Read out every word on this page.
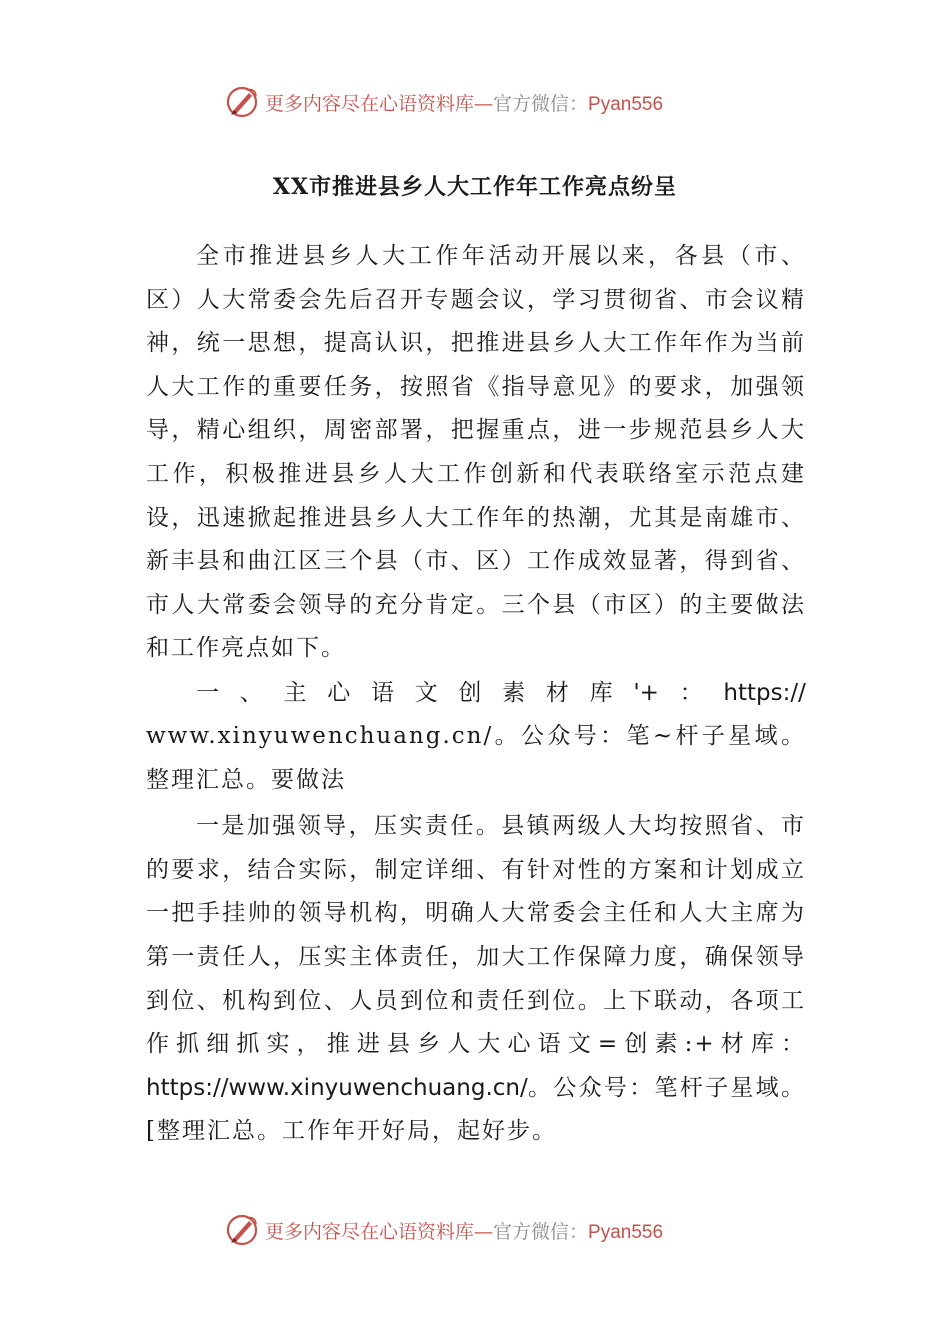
更多内容尽在心语资料库—官方微信：Pyan556
XX市推进县乡人大工作年工作亮点纷呈

全市推进县乡人大工作年活动开展以来，各县（市、区）人大常委会先后召开专题会议，学习贯彻省、市会议精神，统一思想，提高认识，把推进县乡人大工作年作为当前人大工作的重要任务，按照省《指导意见》的要求，加强领导，精心组织，周密部署，把握重点，进一步规范县乡人大工作，积极推进县乡人大工作创新和代表联络室示范点建设，迅速掀起推进县乡人大工作年的热潮，尤其是南雄市、新丰县和曲江区三个县（市、区）工作成效显著，得到省、市人大常委会领导的充分肯定。三个县（市区）的主要做法和工作亮点如下。

一 、 主 心 语 文 创 素 材 库 '+ ： https://

www.xinyuwenchuang.cn/。公众号：笔~杆子星域。整理汇总。要做法

一是加强领导，压实责任。县镇两级人大均按照省、市的要求，结合实际，制定详细、有针对性的方案和计划成立一把手挂帅的领导机构，明确人大常委会主任和人大主席为第一责任人，压实主体责任，加大工作保障力度，确保领导到位、机构到位、人员到位和责任到位。上下联动，各项工作抓细抓实，推进县乡人大心语文=创素:+材库：https://www.xinyuwenchuang.cn/。公众号：笔杆子星域。[整理汇总。工作年开好局，起好步。

更多内容尽在心语资料库—官方微信：Pyan556
